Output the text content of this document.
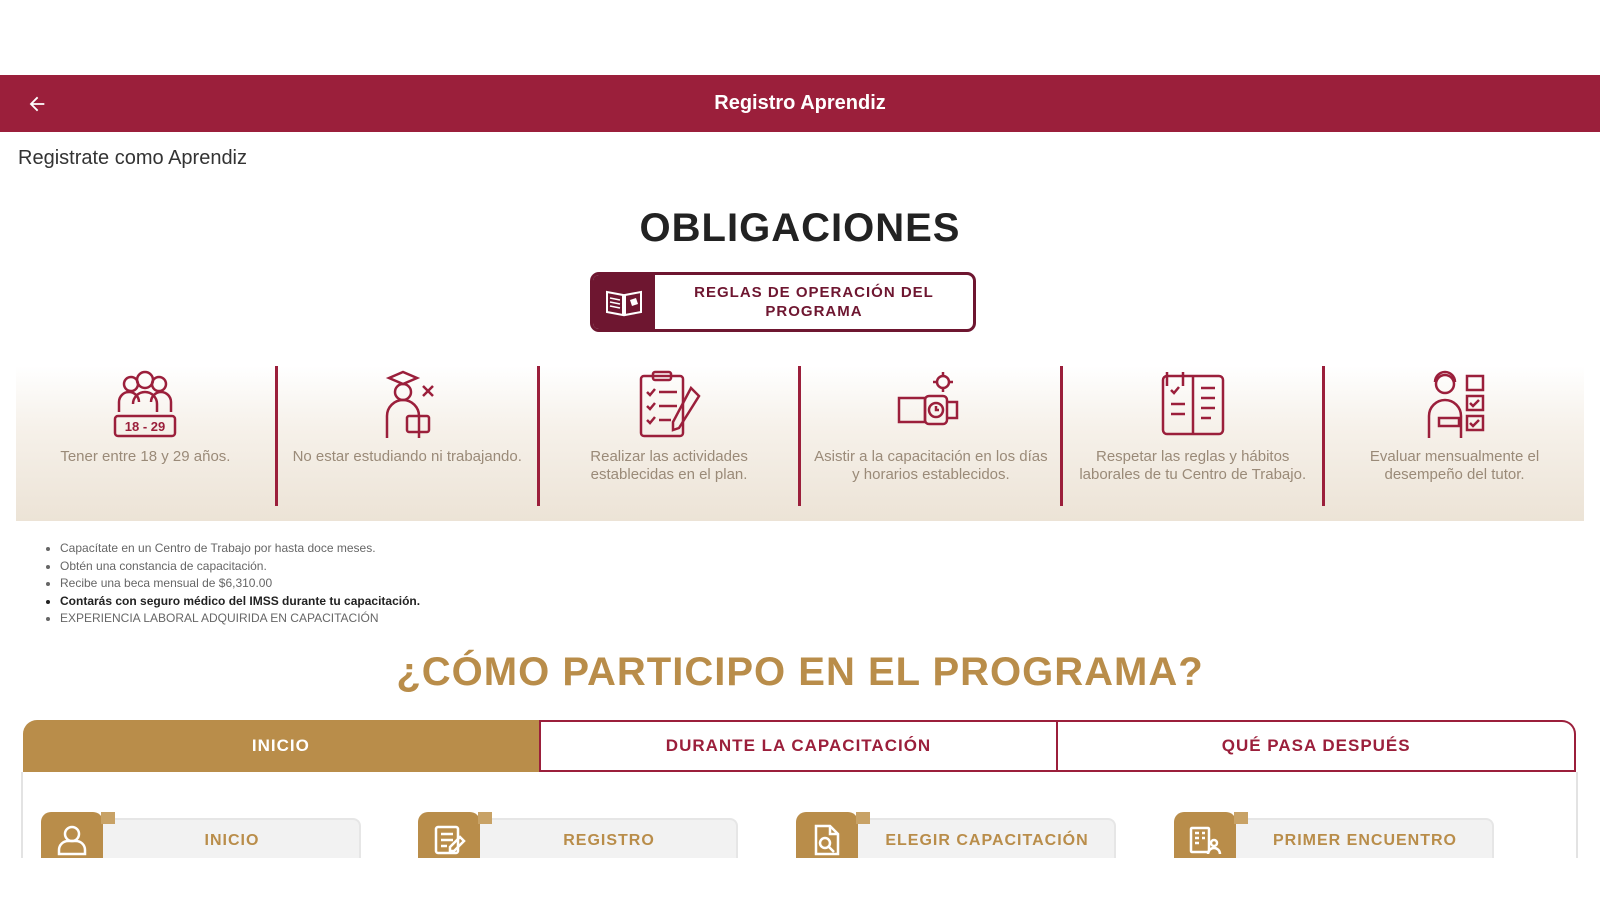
Registro Aprendiz
Registrate como Aprendiz
OBLIGACIONES
REGLAS DE OPERACIÓN DEL PROGRAMA
18 - 29
Tener entre 18 y 29 años.	No estar estudiando ni trabajando.	Realizar las actividades establecidas en el plan.
Asistir a la capacitación en los días y horarios establecidos.
Respetar las reglas y hábitos laborales de tu Centro de Trabajo.
Evaluar mensualmente el desempeño del tutor.
• Capacítate en un Centro de Trabajo por hasta doce meses.
• Obtén una constancia de capacitación.
• Recibe una beca mensual de $6,310.00
• Contarás con seguro médico del IMSS durante tu capacitación.
• EXPERIENCIA LABORAL ADQUIRIDA EN CAPACITACIÓN
¿CÓMO PARTICIPO EN EL PROGRAMA?
INICIO	DURANTE LA CAPACITACIÓN	QUÉ PASA DESPUÉS
INICIO	REGISTRO	ELEGIR CAPACITACIÓN	PRIMER ENCUENTRO
